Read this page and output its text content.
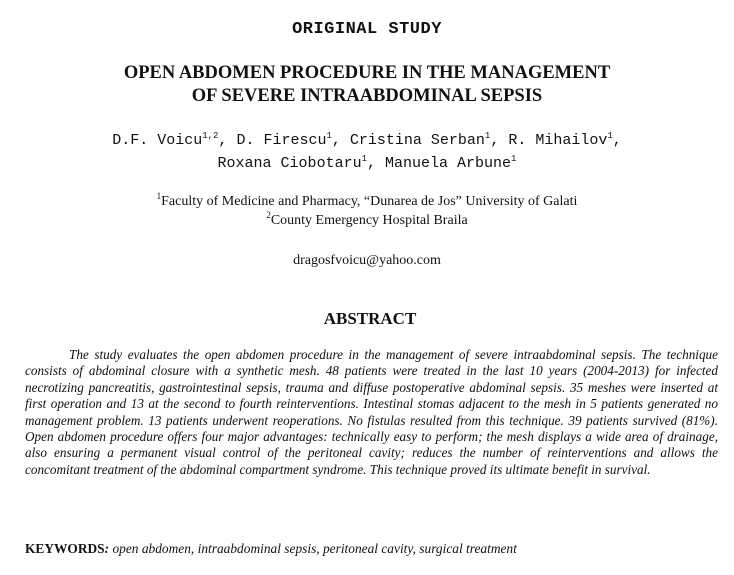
ORIGINAL STUDY
OPEN ABDOMEN PROCEDURE IN THE MANAGEMENT
OF SEVERE INTRAABDOMINAL SEPSIS
D.F. Voicu$^{1,2}$, D. Firescu$^1$, Cristina Serban$^1$, R. Mihailov$^1$,
Roxana Ciobotaru$^1$, Manuela Arbune$^1$
$^1$Faculty of Medicine and Pharmacy, “Dunarea de Jos” University of Galati
$^2$County Emergency Hospital Braila
dragosfvoicu@yahoo.com
ABSTRACT
The study evaluates the open abdomen procedure in the management of severe intraabdominal sepsis. The technique consists of abdominal closure with a synthetic mesh. 48 patients were treated in the last 10 years (2004-2013) for infected necrotizing pancreatitis, gastrointestinal sepsis, trauma and diffuse postoperative abdominal sepsis. 35 meshes were inserted at first operation and 13 at the second to fourth reinterventions. Intestinal stomas adjacent to the mesh in 5 patients generated no management problem. 13 patients underwent reoperations. No fistulas resulted from this technique. 39 patients survived (81%). Open abdomen procedure offers four major advantages: technically easy to perform; the mesh displays a wide area of drainage, also ensuring a permanent visual control of the peritoneal cavity; reduces the number of reinterventions and allows the concomitant treatment of the abdominal compartment syndrome. This technique proved its ultimate benefit in survival.
KEYWORDS: open abdomen, intraabdominal sepsis, peritoneal cavity, surgical treatment
